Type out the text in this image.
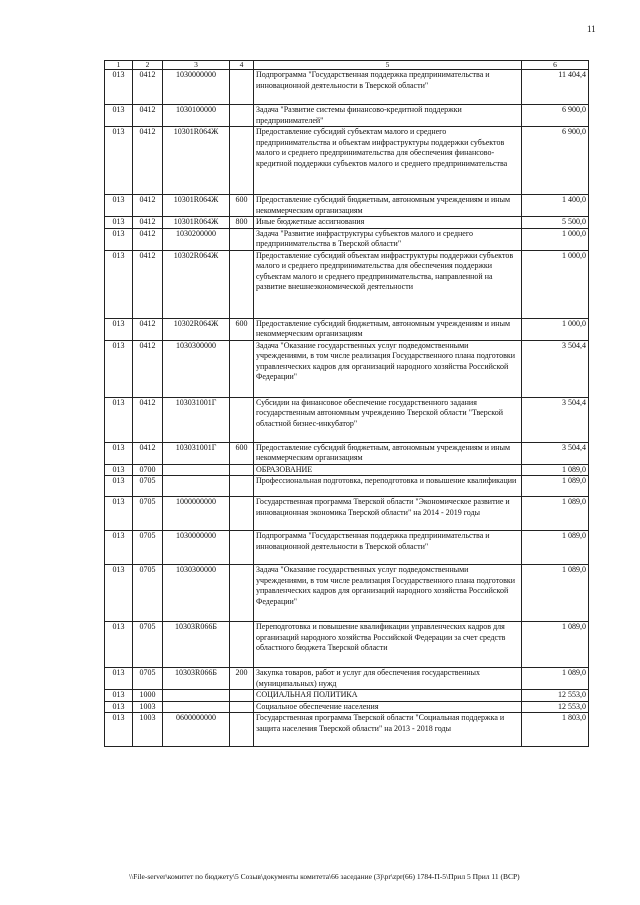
11
1	2	3	4	5	6
013	0412	1030000000		Подпрограмма "Государственная поддержка предпринимательства и инновационной деятельности в Тверской области"	11 404,4
013	0412	1030100000		Задача "Развитие системы финансово-кредитной поддержки предпринимателей"	6 900,0
013	0412	10301R064Ж		Предоставление субсидий субъектам малого и среднего предпринимательства и объектам инфраструктуры поддержки субъектов малого и среднего предпринимательства для обеспечения финансово-кредитной поддержки субъектов малого и среднего предпринимательства	6 900,0
013	0412	10301R064Ж	600	Предоставление субсидий бюджетным, автономным учреждениям и иным некоммерческим организациям	1 400,0
013	0412	10301R064Ж	800	Иные бюджетные ассигнования	5 500,0
013	0412	1030200000		Задача "Развитие инфраструктуры субъектов малого и среднего предпринимательства в Тверской области"	1 000,0
013	0412	10302R064Ж		Предоставление субсидий объектам инфраструктуры поддержки субъектов малого и среднего предпринимательства для обеспечения поддержки субъектам малого и среднего предпринимательства, направленной на развитие внешнеэкономической деятельности	1 000,0
013	0412	10302R064Ж	600	Предоставление субсидий бюджетным, автономным учреждениям и иным некоммерческим организациям	1 000,0
013	0412	1030300000		Задача "Оказание государственных услуг подведомственными учреждениями, в том числе реализация Государственного плана подготовки управленческих кадров для организаций народного хозяйства Российской Федерации"	3 504,4
013	0412	103031001Г		Субсидии на финансовое обеспечение государственного задания государственным автономным учреждению Тверской области "Тверской областной бизнес-инкубатор"	3 504,4
013	0412	103031001Г	600	Предоставление субсидий бюджетным, автономным учреждениям и иным некоммерческим организациям	3 504,4
013	0700			ОБРАЗОВАНИЕ	1 089,0
013	0705			Профессиональная подготовка, переподготовка и повышение квалификации	1 089,0
013	0705	1000000000		Государственная программа Тверской области "Экономическое развитие и инновационная экономика Тверской области" на 2014 - 2019 годы	1 089,0
013	0705	1030000000		Подпрограмма "Государственная поддержка предпринимательства и инновационной деятельности в Тверской области"	1 089,0
013	0705	1030300000		Задача "Оказание государственных услуг подведомственными учреждениями, в том числе реализация Государственного плана подготовки управленческих кадров для организаций народного хозяйства Российской Федерации"	1 089,0
013	0705	10303R066Б		Переподготовка и повышение квалификации управленческих кадров для организаций народного хозяйства Российской Федерации за счет средств областного бюджета Тверской области	1 089,0
013	0705	10303R066Б	200	Закупка товаров, работ и услуг для обеспечения государственных (муниципальных) нужд	1 089,0
013	1000			СОЦИАЛЬНАЯ ПОЛИТИКА	12 553,0
013	1003			Социальное обеспечение населения	12 553,0
013	1003	0600000000		Государственная программа Тверской области "Социальная поддержка и защита населения Тверской области" на 2013 - 2018 годы	1 803,0
\\File-server\комитет по бюджету\5 Созыв\документы комитета\66 заседание (3)\pr\zpr(66) 1784-П-5\Прил 5 Прил 11 (ВСР)
